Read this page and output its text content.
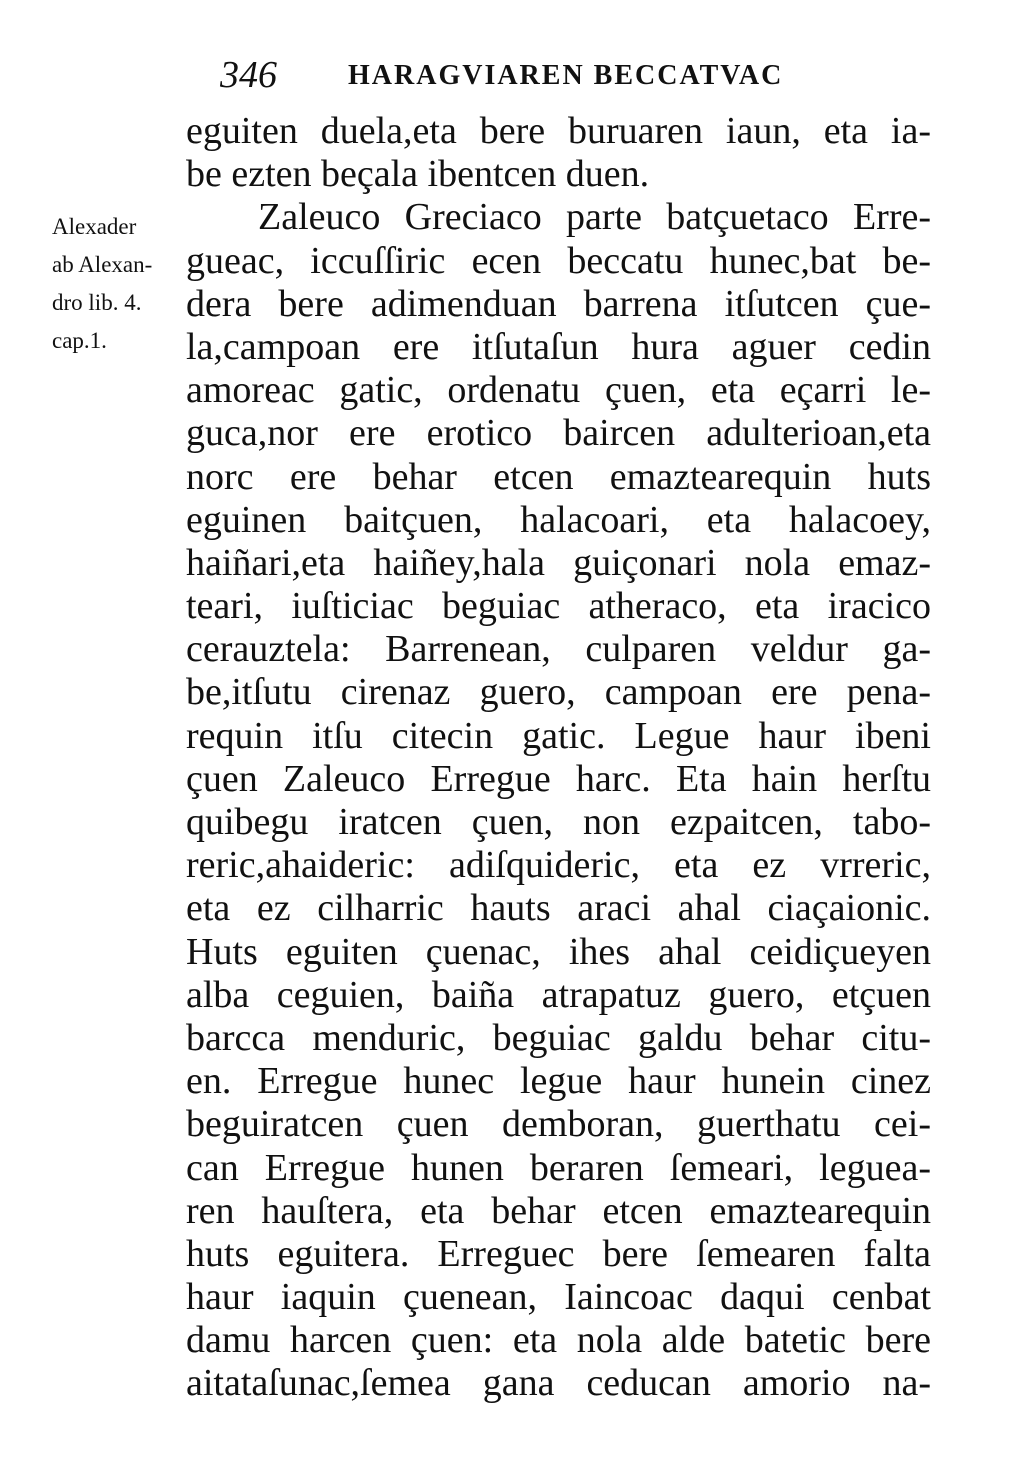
346	HARAGVIAREN BECCATVAC
Alexader
ab Alexan-
dro lib. 4.
cap.1.
eguiten duela,eta bere buruaren iaun, eta ia-
be ezten beçala ibentcen duen.
Zaleuco Greciaco parte batçuetaco Erre-
gueac, iccuſſiric ecen beccatu hunec,bat be-
dera bere adimenduan barrena itſutcen çue-
la,campoan ere itſutaſun hura aguer cedin
amoreac gatic, ordenatu çuen, eta eçarri le-
guca,nor ere erotico baircen adulterioan,eta
norc ere behar etcen emaztearequin huts
eguinen baitçuen, halacoari, eta halacoey,
haiñari,eta haiñey,hala guiçonari nola emaz-
teari, iuſticiac beguiac atheraco, eta iracico
cerauztela: Barrenean, culparen veldur ga-
be,itſutu cirenaz guero, campoan ere pena-
requin itſu citecin gatic. Legue haur ibeni
çuen Zaleuco Erregue harc. Eta hain herſtu
quibegu iratcen çuen, non ezpaitcen, tabo-
reric,ahaideric: adiſquideric, eta ez vrreric,
eta ez cilharric hauts araci ahal ciaçaionic.
Huts eguiten çuenac, ihes ahal ceidiçueyen
alba ceguien, baiña atrapatuz guero, etçuen
barcca menduric, beguiac galdu behar citu-
en. Erregue hunec legue haur hunein cinez
beguiratcen çuen demboran, guerthatu cei-
can Erregue hunen beraren ſemeari, leguea-
ren hauſtera, eta behar etcen emaztearequin
huts eguitera. Erreguec bere ſemearen falta
haur iaquin çuenean, Iaincoac daqui cenbat
damu harcen çuen: eta nola alde batetic bere
aitataſunac,ſemea gana ceducan amorio na-
